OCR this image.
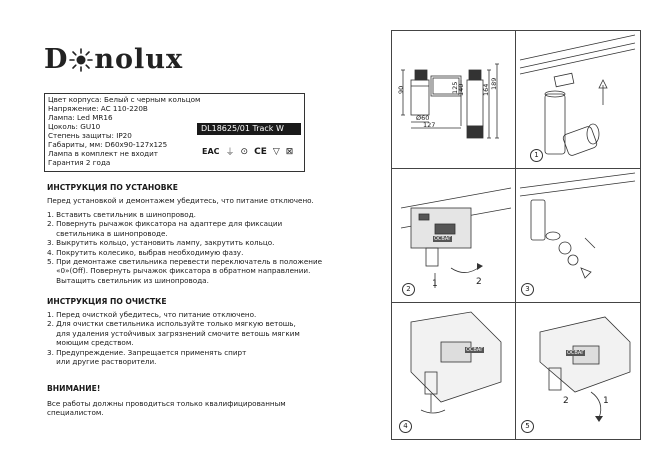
D nolux
Цвет корпуса: Белый с черным кольцом
Напряжение: AC 110-220В
Лампа: Led MR16
Цоколь: GU10
Степень защиты: IP20
Габариты, мм: D60x90-127x125
Лампа в комплект не входит
Гарантия 2 года
DL18625/01 Track W
EAC ⏚ ⊙ CE ▽ ⊠
ИНСТРУКЦИЯ ПО УСТАНОВКЕ
Перед установкой и демонтажем убедитесь, что питание отключено.
1. Вставить светильник в шинопровод.
2. Повернуть рычажок фиксатора на адаптере для фиксации
светильника в шинопроводе.
3. Выкрутить кольцо, установить лампу, закрутить кольцо.
4. Покрутить колесико, выбрав необходимую фазу.
5. При демонтаже светильника перевести переключатель в положение
«0»(Off). Повернуть рычажок фиксатора в обратном направлении.
Вытащить светильник из шинопровода.
ИНСТРУКЦИЯ ПО ОЧИСТКЕ
1. Перед очисткой убедитесь, что питание отключено.
2. Для очистки светильника используйте только мягкую ветошь,
для удаления устойчивых загрязнений смочите ветошь мягким
моющим средством.
3. Предупреждение. Запрещается применять спирт
или другие растворители.
ВНИМАНИЕ!
Все работы должны проводиться только квалифицированным
специалистом.
90	125
140	164 189
Ø60
127
1
1	2
ОСВАГ
2	3
ОСВАГ
4
ОСВАГ
2	1
5
